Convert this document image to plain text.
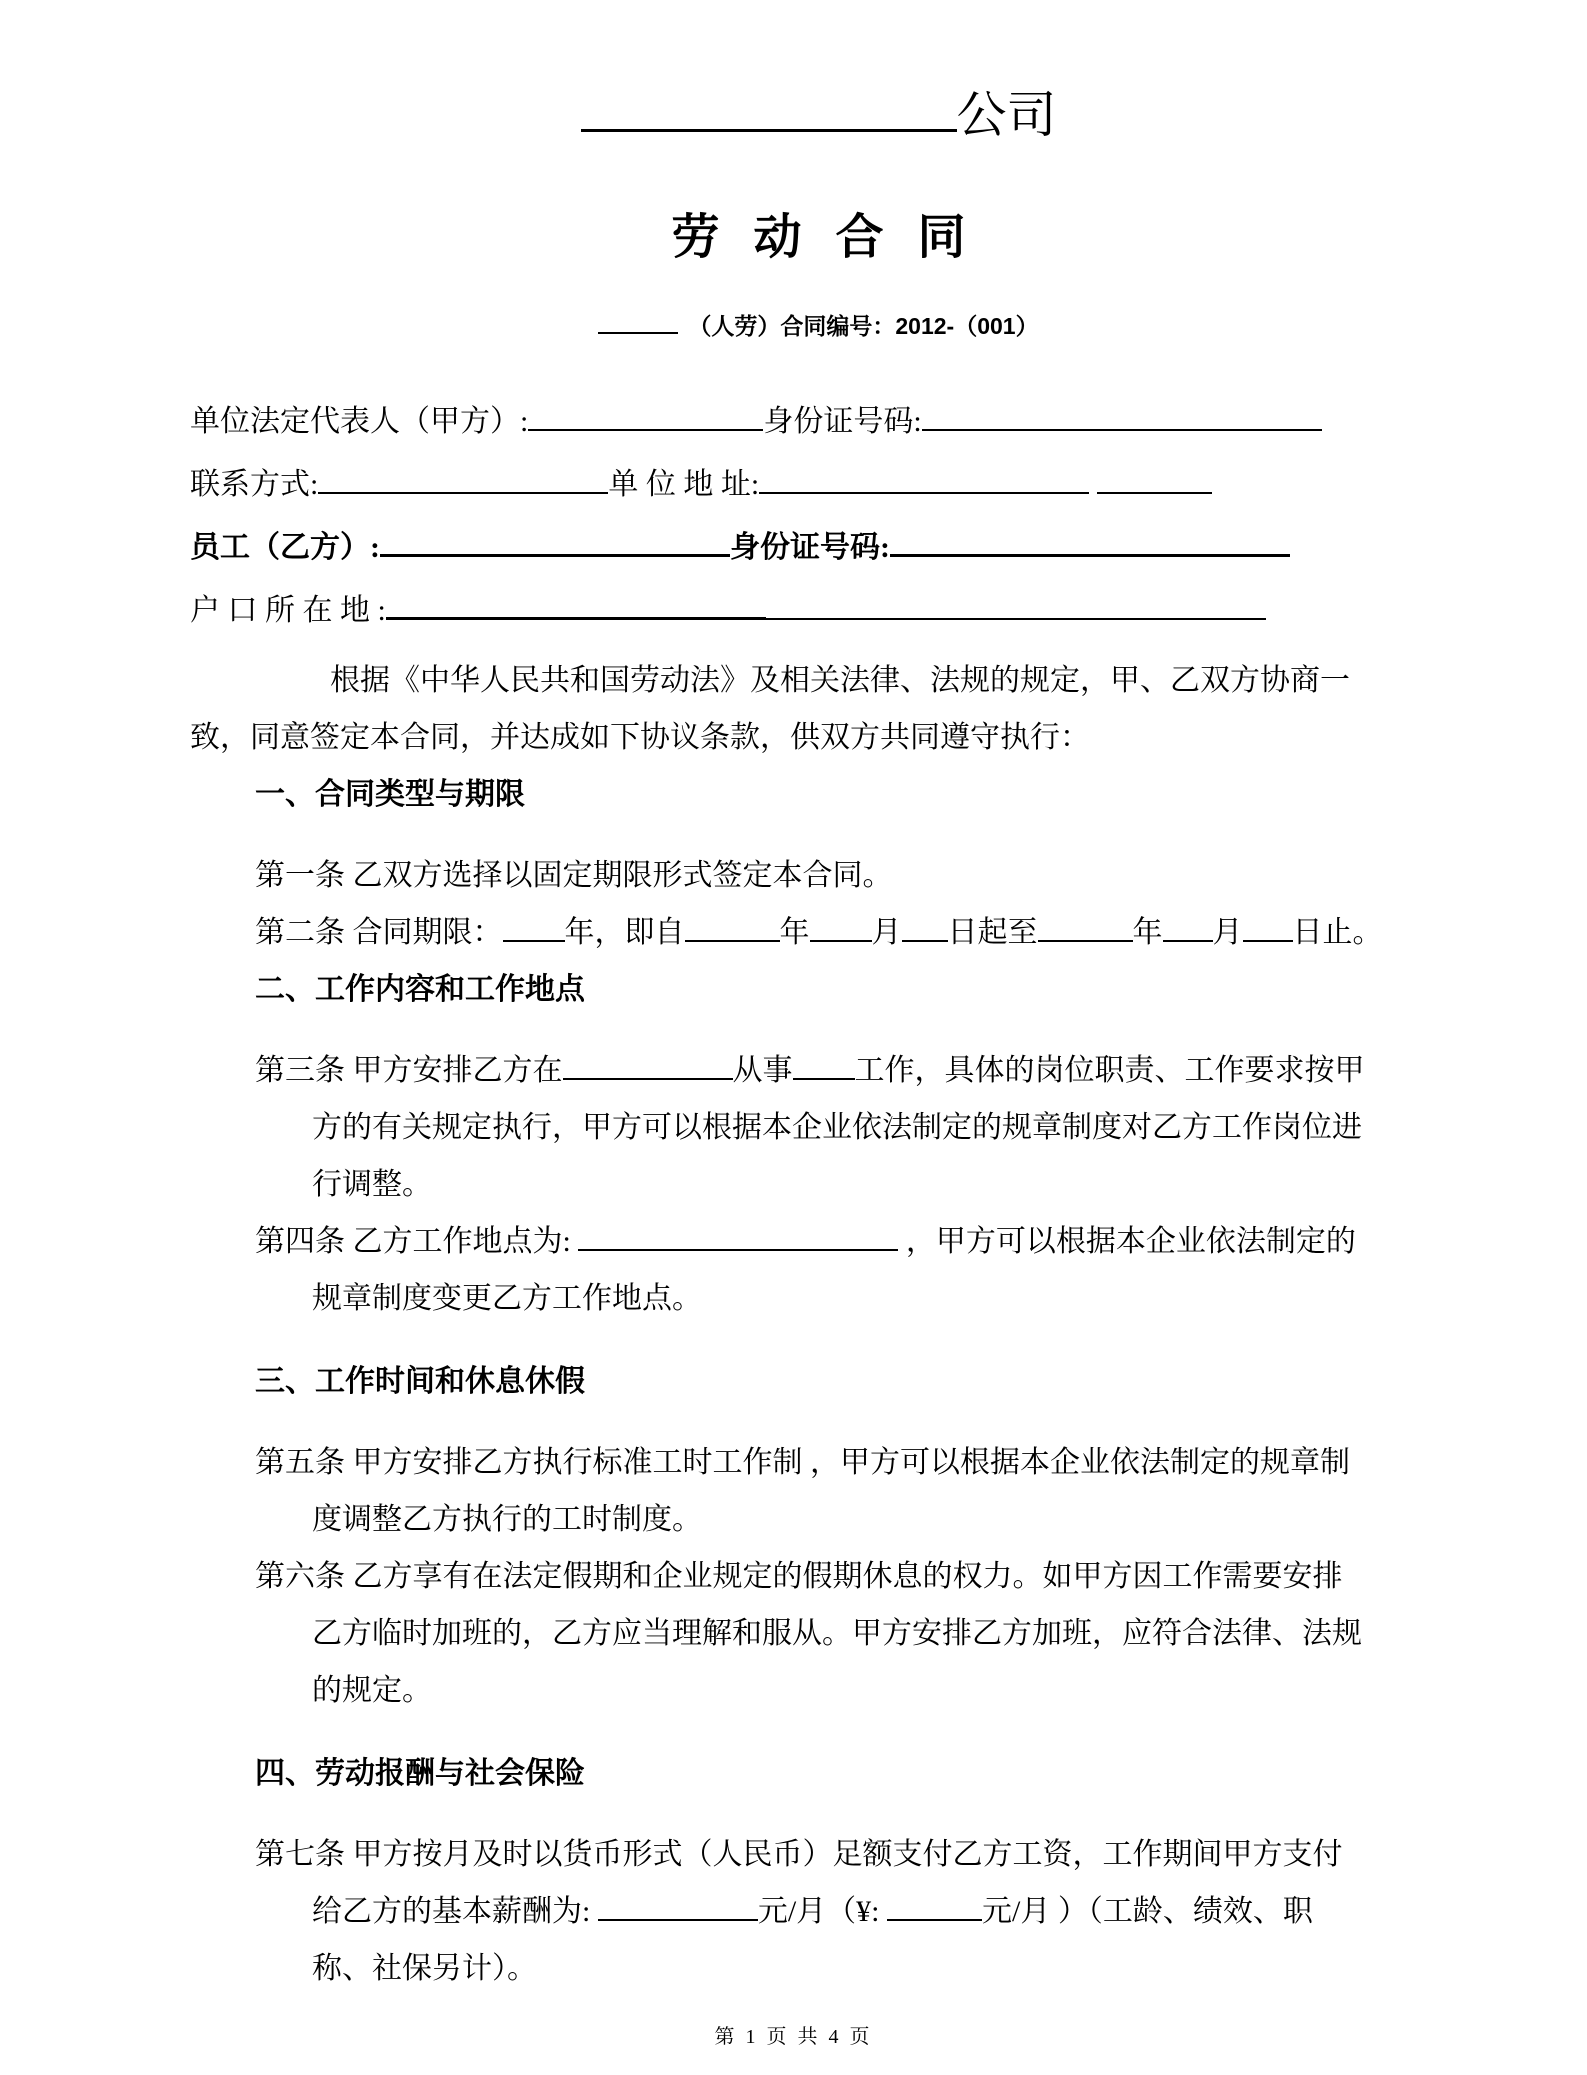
公司
劳动合同
（人劳）合同编号：2012-（001）
单位法定代表人（甲方）:	身份证号码:
联系方式:	单 位 地 址:
员工（乙方）:	身份证号码:
户 口 所 在 地 :
根据《中华人民共和国劳动法》及相关法律、法规的规定，甲、乙双方协商一
致，同意签定本合同，并达成如下协议条款，供双方共同遵守执行：
一、合同类型与期限
第一条 乙双方选择以固定期限形式签定本合同。
第二条 合同期限： 年，即自	年 月 日起至	年 月 日止。
二、工作内容和工作地点
第三条 甲方安排乙方在	从事 工作，具体的岗位职责、工作要求按甲
方的有关规定执行，甲方可以根据本企业依法制定的规章制度对乙方工作岗位进
行调整。
第四条 乙方工作地点为:	，甲方可以根据本企业依法制定的
规章制度变更乙方工作地点。
三、工作时间和休息休假
第五条 甲方安排乙方执行标准工时工作制 ，甲方可以根据本企业依法制定的规章制
度调整乙方执行的工时制度。
第六条 乙方享有在法定假期和企业规定的假期休息的权力。如甲方因工作需要安排
乙方临时加班的，乙方应当理解和服从。甲方安排乙方加班，应符合法律、法规
的规定。
四、劳动报酬与社会保险
第七条 甲方按月及时以货币形式（人民币）足额支付乙方工资，工作期间甲方支付
给乙方的基本薪酬为:	元/月（¥:	元/月 ）（工龄、绩效、职
称、社保另计）。
第 1 页 共 4 页
